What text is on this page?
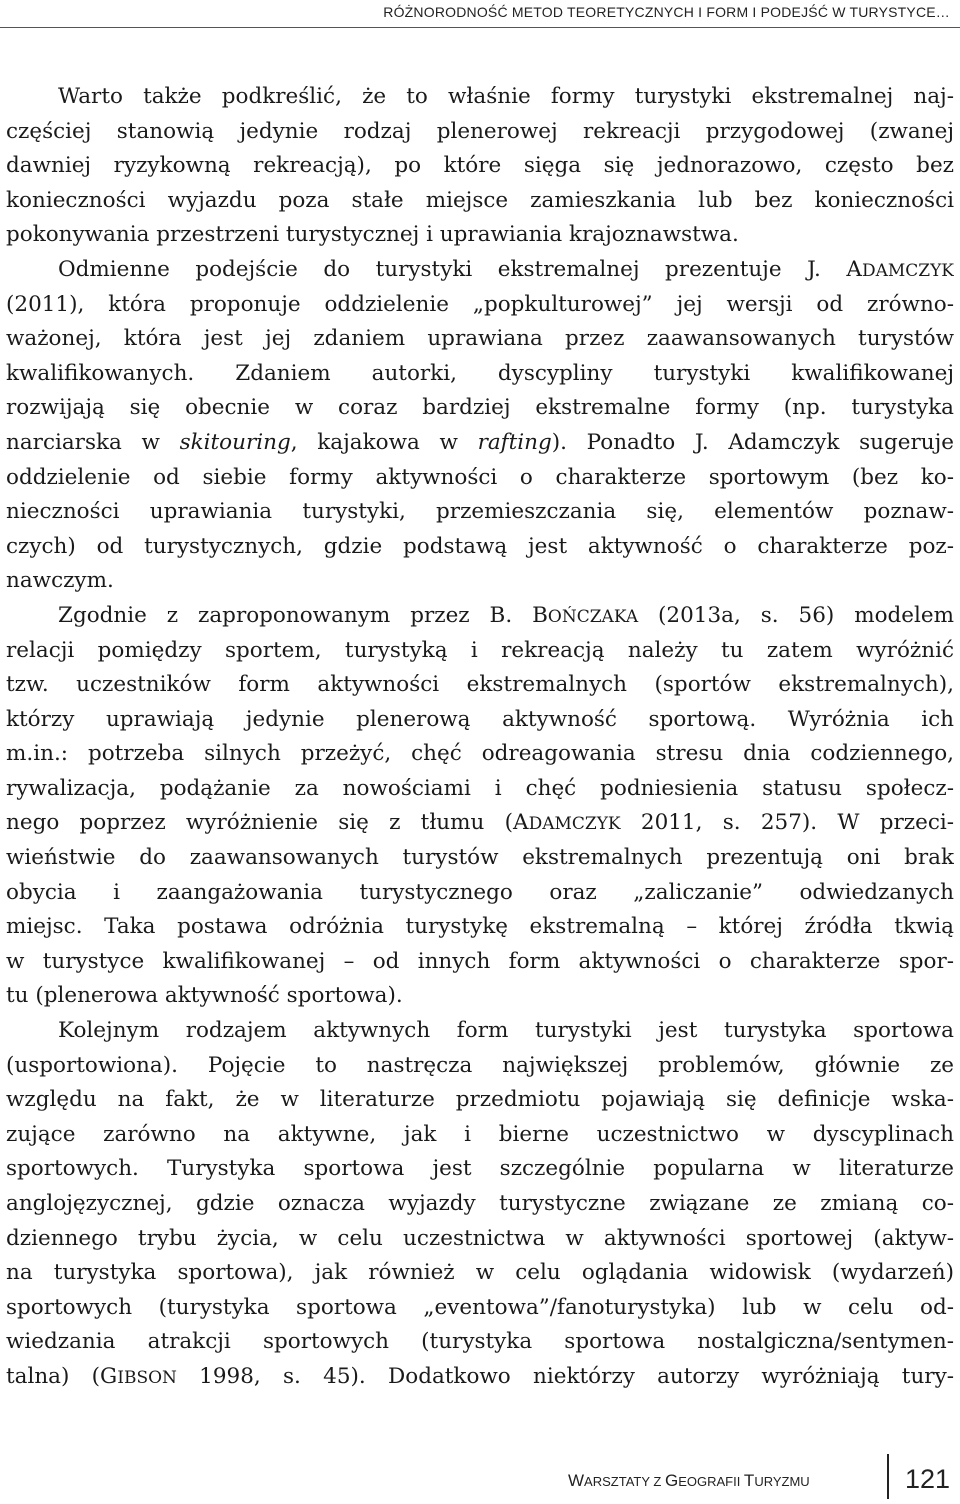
RÓŻNORODNOŚĆ METOD TEORETYCZNYCH I FORM I PODEJŚĆ W TURYSTYCE…
Warto także podkreślić, że to właśnie formy turystyki ekstremalnej naj-
częściej stanowią jedynie rodzaj plenerowej rekreacji przygodowej (zwanej
dawniej ryzykowną rekreacją), po które sięga się jednorazowo, często bez
konieczności wyjazdu poza stałe miejsce zamieszkania lub bez konieczności
pokonywania przestrzeni turystycznej i uprawiania krajoznawstwa.
Odmienne podejście do turystyki ekstremalnej prezentuje J. ADAMCZYK
(2011), która proponuje oddzielenie „popkulturowej” jej wersji od zrówno-
ważonej, która jest jej zdaniem uprawiana przez zaawansowanych turystów
kwalifikowanych. Zdaniem autorki, dyscypliny turystyki kwalifikowanej
rozwijają się obecnie w coraz bardziej ekstremalne formy (np. turystyka
narciarska w skitouring, kajakowa w rafting). Ponadto J. Adamczyk sugeruje
oddzielenie od siebie formy aktywności o charakterze sportowym (bez ko-
nieczności uprawiania turystyki, przemieszczania się, elementów poznaw-
czych) od turystycznych, gdzie podstawą jest aktywność o charakterze poz-
nawczym.
Zgodnie z zaproponowanym przez B. BOŃCZAKA (2013a, s. 56) modelem
relacji pomiędzy sportem, turystyką i rekreacją należy tu zatem wyróżnić
tzw. uczestników form aktywności ekstremalnych (sportów ekstremalnych),
którzy uprawiają jedynie plenerową aktywność sportową. Wyróżnia ich
m.in.: potrzeba silnych przeżyć, chęć odreagowania stresu dnia codziennego,
rywalizacja, podążanie za nowościami i chęć podniesienia statusu społecz-
nego poprzez wyróżnienie się z tłumu (ADAMCZYK 2011, s. 257). W przeci-
wieństwie do zaawansowanych turystów ekstremalnych prezentują oni brak
obycia i zaangażowania turystycznego oraz „zaliczanie” odwiedzanych
miejsc. Taka postawa odróżnia turystykę ekstremalną – której źródła tkwią
w turystyce kwalifikowanej – od innych form aktywności o charakterze spor-
tu (plenerowa aktywność sportowa).
Kolejnym rodzajem aktywnych form turystyki jest turystyka sportowa
(usportowiona). Pojęcie to nastręcza największej problemów, głównie ze
względu na fakt, że w literaturze przedmiotu pojawiają się definicje wska-
zujące zarówno na aktywne, jak i bierne uczestnictwo w dyscyplinach
sportowych. Turystyka sportowa jest szczególnie popularna w literaturze
anglojęzycznej, gdzie oznacza wyjazdy turystyczne związane ze zmianą co-
dziennego trybu życia, w celu uczestnictwa w aktywności sportowej (aktyw-
na turystyka sportowa), jak również w celu oglądania widowisk (wydarzeń)
sportowych (turystyka sportowa „eventowa”/fanoturystyka) lub w celu od-
wiedzania atrakcji sportowych (turystyka sportowa nostalgiczna/sentymen-
talna) (GIBSON 1998, s. 45). Dodatkowo niektórzy autorzy wyróżniają tury-
WARSZTATY Z GEOGRAFII TURYZMU	121
